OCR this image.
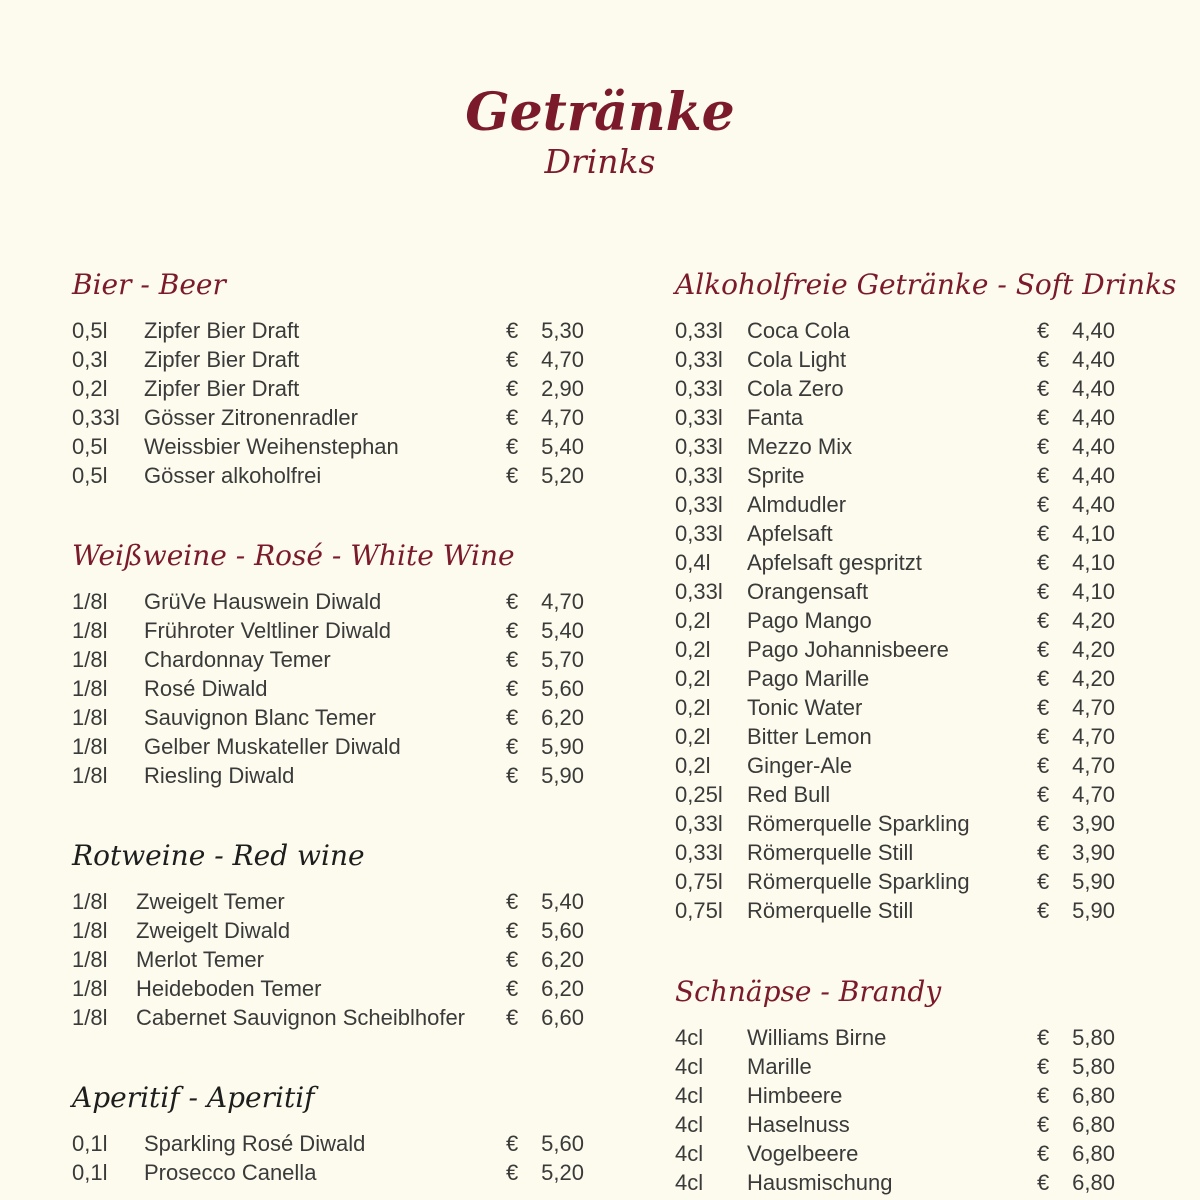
Getränke
Drinks
Bier - Beer
0,5l Zipfer Bier Draft	€	5,30
0,3l Zipfer Bier Draft	€	4,70
0,2l Zipfer Bier Draft	€	2,90
0,33l Gösser Zitronenradler	€	4,70
0,5l Weissbier Weihenstephan	€	5,40
0,5l Gösser alkoholfrei	€	5,20
Weißweine - Rosé - White Wine
1/8l GrüVe Hauswein Diwald	€	4,70
1/8l Frühroter Veltliner Diwald	€	5,40
1/8l Chardonnay Temer	€	5,70
1/8l Rosé Diwald	€	5,60
1/8l Sauvignon Blanc Temer	€	6,20
1/8l Gelber Muskateller Diwald	€	5,90
1/8l Riesling Diwald	€	5,90
Rotweine - Red wine
1/8l Zweigelt Temer	€	5,40
1/8l Zweigelt Diwald	€	5,60
1/8l Merlot Temer	€	6,20
1/8l Heideboden Temer	€	6,20
1/8l Cabernet Sauvignon Scheiblhofer €	6,60
Aperitif - Aperitif
0,1l Sparkling Rosé Diwald	€	5,60
0,1l Prosecco Canella	€	5,20
Alkoholfreie Getränke - Soft Drinks
0,33l Coca Cola	€	4,40
0,33l Cola Light	€	4,40
0,33l Cola Zero	€	4,40
0,33l Fanta	€	4,40
0,33l Mezzo Mix	€	4,40
0,33l Sprite	€	4,40
0,33l Almdudler	€	4,40
0,33l Apfelsaft	€	4,10
0,4l Apfelsaft gespritzt	€	4,10
0,33l Orangensaft	€	4,10
0,2l Pago Mango	€	4,20
0,2l Pago Johannisbeere	€	4,20
0,2l Pago Marille	€	4,20
0,2l Tonic Water	€	4,70
0,2l Bitter Lemon	€	4,70
0,2l Ginger-Ale	€	4,70
0,25l Red Bull	€	4,70
0,33l Römerquelle Sparkling	€	3,90
0,33l Römerquelle Still	€	3,90
0,75l Römerquelle Sparkling	€	5,90
0,75l Römerquelle Still	€	5,90
Schnäpse - Brandy
4cl Williams Birne	€	5,80
4cl Marille	€	5,80
4cl Himbeere	€	6,80
4cl Haselnuss	€	6,80
4cl Vogelbeere	€	6,80
4cl Hausmischung	€	6,80
